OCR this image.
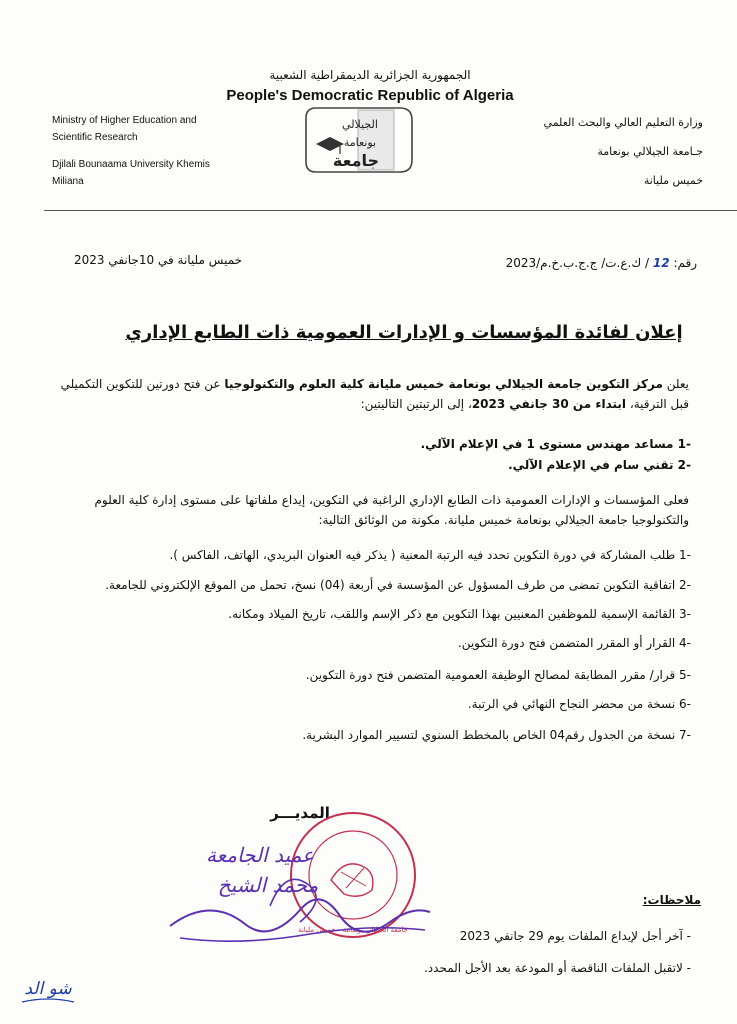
الجمهورية الجزائرية الديمقراطية الشعبية
People's Democratic Republic of Algeria
Ministry of Higher Education and
Scientific Research
Djilali Bounaama University Khemis
Miliana
وزارة التعليم العالي والبحث العلمي
جـامعة الجيلالي بونعامة
خميس مليانة
الجيلالي
بونعامة
جامعة
رقم: 12 / ك.ع.ت/ ج.ج.ب.خ.م/2023
خميس مليانة في 10جانفي 2023
إعلان لفائدة المؤسسات و الإدارات العمومية ذات الطابع الإداري
يعلن مركز التكوين جامعة الجيلالي بونعامة خميس مليانة كلية العلوم والتكنولوجيا عن فتح دورتين للتكوين التكميلي قبل الترقية، ابتداء من 30 جانفي 2023، إلى الرتبتين التاليتين:
-1 مساعد مهندس مستوى 1 في الإعلام الآلي.
-2 تقني سام في الإعلام الآلي.
فعلى المؤسسات و الإدارات العمومية ذات الطابع الإداري الراغبة في التكوين، إيداع ملفاتها على مستوى إدارة كلية العلوم والتكنولوجيا جامعة الجيلالي بونعامة خميس مليانة. مكونة من الوثائق التالية:
-1 طلب المشاركة في دورة التكوين تحدد فيه الرتبة المعنية ( يذكر فيه العنوان البريدي، الهاتف، الفاكس ).
-2 اتفاقية التكوين تمضى من طرف المسؤول عن المؤسسة في أربعة (04) نسخ، تحمل من الموقع الإلكتروني للجامعة.
-3 القائمة الإسمية للموظفين المعنيين بهذا التكوين مع ذكر الإسم واللقب، تاريخ الميلاد ومكانه.
-4 القرار أو المقرر المتضمن فتح دورة التكوين.
-5 قرار/ مقرر المطابقة لمصالح الوظيفة العمومية المتضمن فتح دورة التكوين.
-6 نسخة من محضر النجاح النهائي في الرتبة.
-7 نسخة من الجدول رقم04 الخاص بالمخطط السنوي لتسيير الموارد البشرية.
المديـــر
جامعة الجيلالي بونعامة - خميس مليانة
عميد الجامعة
محمد الشيخ
شو الد
ملاحظات:
- آخر أجل لإيداع الملفات يوم 29 جانفي 2023
- لاتقبل الملفات الناقصة أو المودعة بعد الأجل المحدد.
